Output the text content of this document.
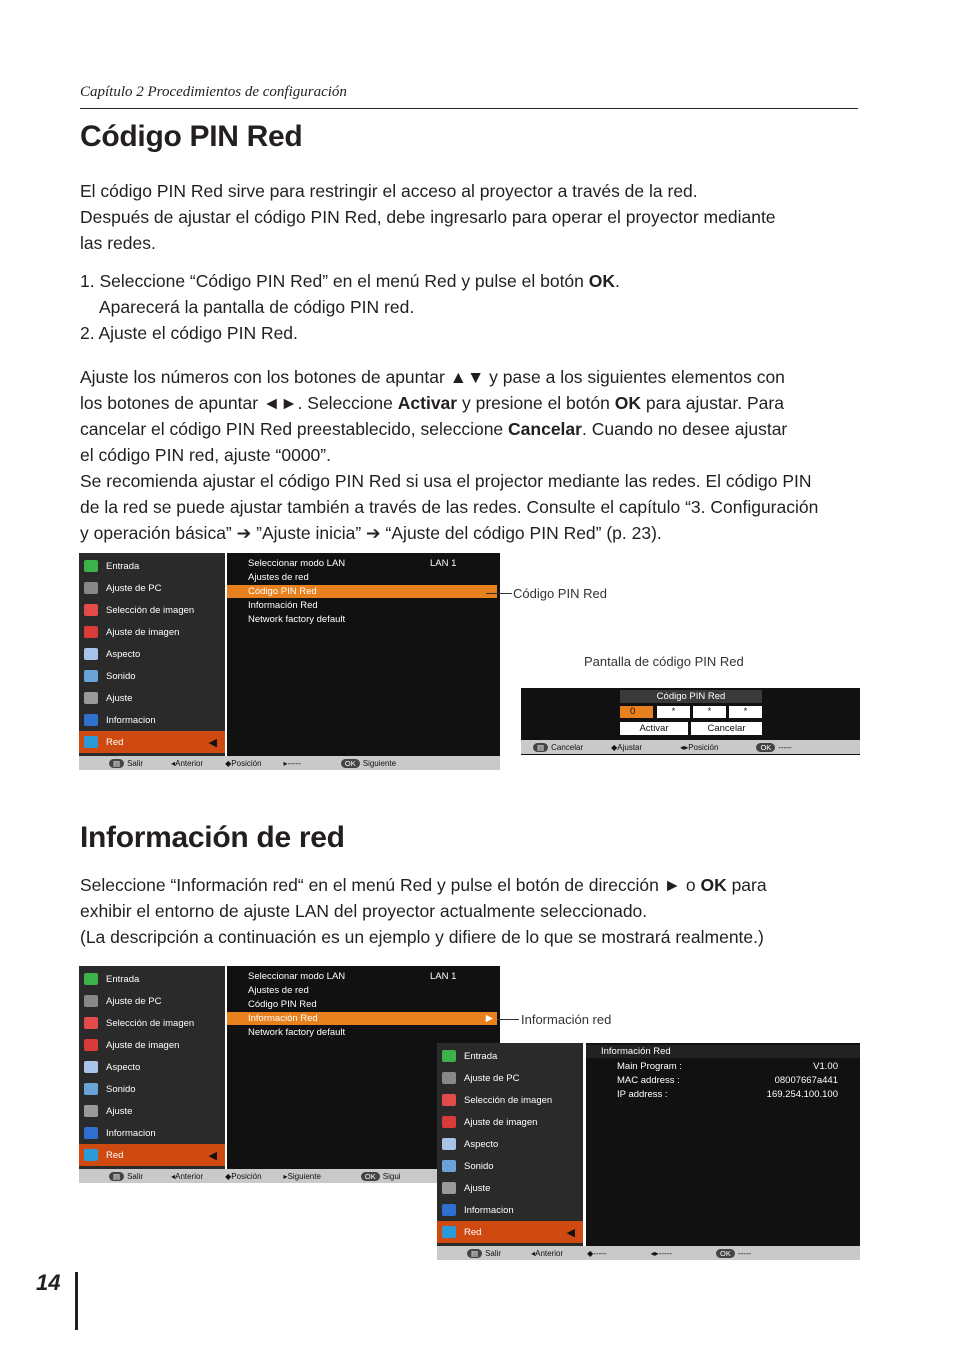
Capítulo 2 Procedimientos de configuración
Código PIN Red

El código PIN Red sirve para restringir el acceso al proyector a través de la red.

Después de ajustar el código PIN Red, debe ingresarlo para operar el proyector mediante

las redes.

1. Seleccione “Código PIN Red” en el menú Red y pulse el botón OK.

Aparecerá la pantalla de código PIN red.

2. Ajuste el código PIN Red.

Ajuste los números con los botones de apuntar ▲▼ y pase a los siguientes elementos con

los botones de apuntar ◄►. Seleccione Activar y presione el botón OK para ajustar. Para

cancelar el código PIN Red preestablecido, seleccione Cancelar. Cuando no desee ajustar

el código PIN red, ajuste “0000”.

Se recomienda ajustar el código PIN Red si usa el projector mediante las redes. El código PIN

de la red se puede ajustar también a través de las redes. Consulte el capítulo “3. Configuración

y operación básica” ➔ ”Ajuste inicia” ➔ “Ajuste del código PIN Red” (p. 23).

Entrada
Ajuste de PC
Selección de imagen
Ajuste de imagen
Aspecto
Sonido
Ajuste
Informacion
Red	◀
Seleccionar modo LAN	LAN 1
Ajustes de red
Código PIN Red
Información Red
Network factory default
▤ Salir	◂Anterior	◆Posición	▸-----	OK Siguiente
Código PIN Red
Pantalla de código PIN Red
Código PIN Red
0	*	*	*
Activar	Cancelar
▤ Cancelar	◆Ajustar	◂▸Posición	OK -----
Información de red

Seleccione “Información red“ en el menú Red y pulse el botón de dirección ► o OK para

exhibir el entorno de ajuste LAN del proyector actualmente seleccionado.

(La descripción a continuación es un ejemplo y difiere de lo que se mostrará realmente.)

Entrada
Ajuste de PC
Selección de imagen
Ajuste de imagen
Aspecto
Sonido
Ajuste
Informacion
Red	◀
Seleccionar modo LAN	LAN 1
Ajustes de red
Código PIN Red
Información Red	▶
Network factory default
▤ Salir	◂Anterior	◆Posición	▸Siguiente	OK Sigui
Información red
Entrada
Ajuste de PC
Selección de imagen
Ajuste de imagen
Aspecto
Sonido
Ajuste
Informacion
Red	◀
Información Red
Main Program :	V1.00
MAC address :	08007667a441
IP address :	169.254.100.100
▤ Salir	◂Anterior	◆-----	◂▸-----	OK -----
14
